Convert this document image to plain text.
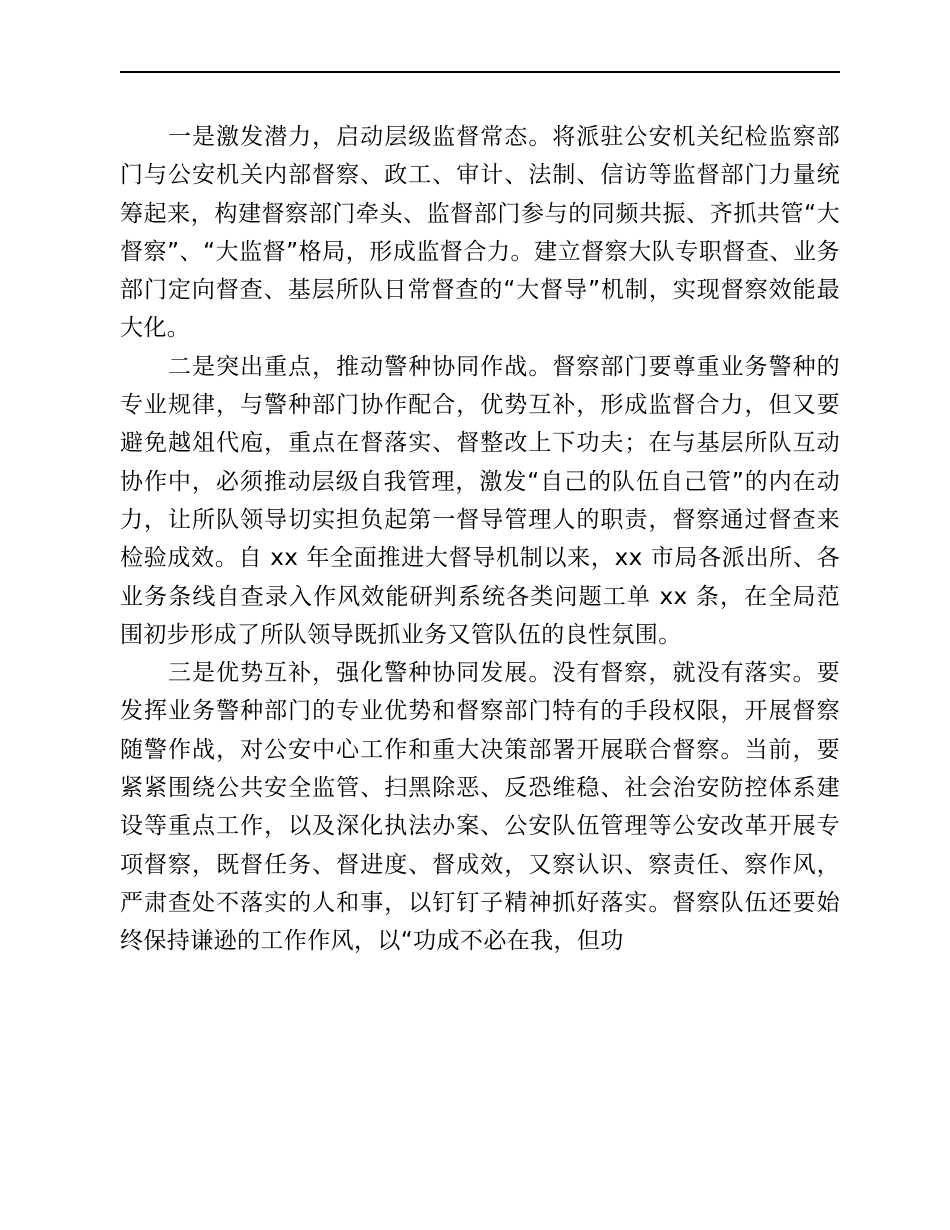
一是激发潜力，启动层级监督常态。将派驻公安机关纪检监察部门与公安机关内部督察、政工、审计、法制、信访等监督部门力量统筹起来，构建督察部门牵头、监督部门参与的同频共振、齐抓共管“大督察”、“大监督”格局，形成监督合力。建立督察大队专职督查、业务部门定向督查、基层所队日常督查的“大督导”机制，实现督察效能最大化。

二是突出重点，推动警种协同作战。督察部门要尊重业务警种的专业规律，与警种部门协作配合，优势互补，形成监督合力，但又要避免越俎代庖，重点在督落实、督整改上下功夫；在与基层所队互动协作中，必须推动层级自我管理，激发“自己的队伍自己管”的内在动力，让所队领导切实担负起第一督导管理人的职责，督察通过督查来检验成效。自 xx 年全面推进大督导机制以来，xx 市局各派出所、各业务条线自查录入作风效能研判系统各类问题工单 xx 条，在全局范围初步形成了所队领导既抓业务又管队伍的良性氛围。

三是优势互补，强化警种协同发展。没有督察，就没有落实。要发挥业务警种部门的专业优势和督察部门特有的手段权限，开展督察随警作战，对公安中心工作和重大决策部署开展联合督察。当前，要紧紧围绕公共安全监管、扫黑除恶、反恐维稳、社会治安防控体系建设等重点工作，以及深化执法办案、公安队伍管理等公安改革开展专项督察，既督任务、督进度、督成效，又察认识、察责任、察作风，严肃查处不落实的人和事，以钉钉子精神抓好落实。督察队伍还要始终保持谦逊的工作作风，以“功成不必在我，但功
